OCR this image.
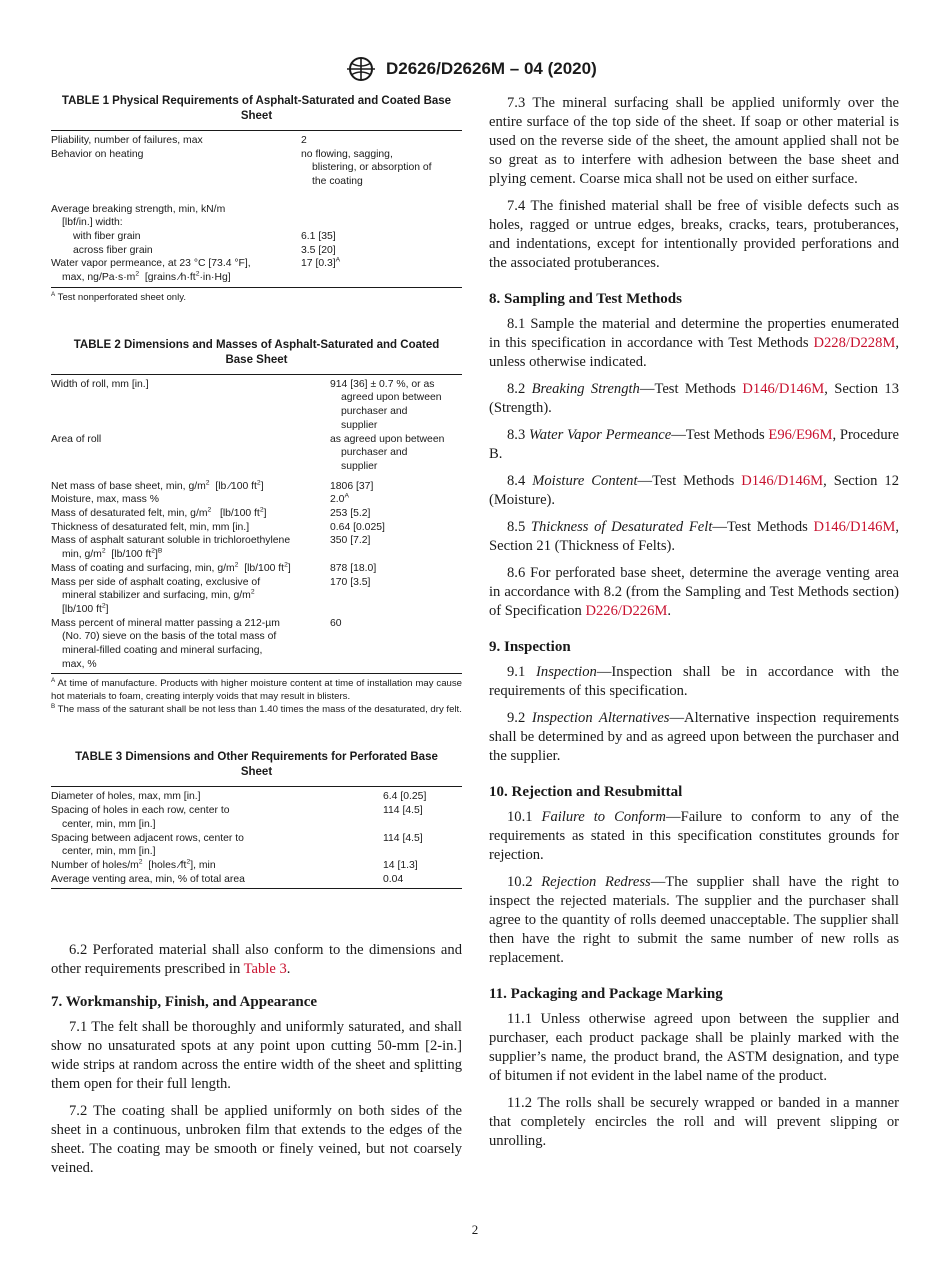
D2626/D2626M – 04 (2020)

TABLE 1 Physical Requirements of Asphalt-Saturated and Coated Base Sheet

Pliability, number of failures, max	2
Behavior on heating	no flowing, sagging,
blistering, or absorption of
the coating

Average breaking strength, min, kN/m
[lbf/in.] width:	

with fiber grain	6.1 [35]

across fiber grain	3.5 [20]

Water vapor permeance, at 23 °C [73.4 °F],
max, $ng/Pa\cdot s\cdot m^2$  [grains $⁄h\cdot ft^2\cdot in\cdot Hg$]	17 $[0.3]^A$

$^A$ Test nonperforated sheet only.

TABLE 2 Dimensions and Masses of Asphalt-Saturated and Coated Base Sheet

Width of roll, mm [in.]	914 [36] ± 0.7 %, or as
agreed upon between
purchaser and
supplier

Area of roll	as agreed upon between
purchaser and
supplier

Net mass of base sheet, min, $g/m^2$  [lb ⁄100 $ft^2$]	1806 [37]
Moisture, max, mass %	$2.0^A$
Mass of desaturated felt, min, $g/m^2$   [lb/100 $ft^2$]	253 [5.2]
Thickness of desaturated felt, min, mm [in.]	0.64 [0.025]

Mass of asphalt saturant soluble in trichloroethylene
min, $g/m^2$  [lb/100 $ft^2]^B$	350 [7.2]
Mass of coating and surfacing, min, $g/m^2$  [lb/100 $ft^2$]	878 [18.0]

Mass per side of asphalt coating, exclusive of
mineral stabilizer and surfacing, min, $g/m^2$
[lb/100 $ft^2$]	170 [3.5]

Mass percent of mineral matter passing a 212-µm
(No. 70) sieve on the basis of the total mass of
mineral-filled coating and mineral surfacing,
max, %	60

$^A$ At time of manufacture. Products with higher moisture content at time of installation may cause hot materials to foam, creating interply voids that may result in blisters.

$^B$ The mass of the saturant shall be not less than 1.40 times the mass of the desaturated, dry felt.

TABLE 3 Dimensions and Other Requirements for Perforated Base Sheet

Diameter of holes, max, mm [in.]	6.4 [0.25]

Spacing of holes in each row, center to
center, min, mm [in.]	114 [4.5]

Spacing between adjacent rows, center to
center, min, mm [in.]	114 [4.5]
Number of holes/$m^2$  [holes $⁄ft^2$], min	14 [1.3]
Average venting area, min, % of total area	0.04

6.2 Perforated material shall also conform to the dimensions and other requirements prescribed in Table 3.

7. Workmanship, Finish, and Appearance

7.1 The felt shall be thoroughly and uniformly saturated, and shall show no unsaturated spots at any point upon cutting 50-mm [2-in.] wide strips at random across the entire width of the sheet and splitting them open for their full length.

7.2 The coating shall be applied uniformly on both sides of the sheet in a continuous, unbroken film that extends to the edges of the sheet. The coating may be smooth or finely veined, but not coarsely veined.

7.3 The mineral surfacing shall be applied uniformly over the entire surface of the top side of the sheet. If soap or other material is used on the reverse side of the sheet, the amount applied shall not be so great as to interfere with adhesion between the base sheet and plying cement. Coarse mica shall not be used on either surface.

7.4 The finished material shall be free of visible defects such as holes, ragged or untrue edges, breaks, cracks, tears, protuberances, and indentations, except for intentionally provided perforations and the associated protuberances.

8. Sampling and Test Methods

8.1 Sample the material and determine the properties enumerated in this specification in accordance with Test Methods D228/D228M, unless otherwise indicated.

8.2 Breaking Strength—Test Methods D146/D146M, Section 13 (Strength).

8.3 Water Vapor Permeance—Test Methods E96/E96M, Procedure B.

8.4 Moisture Content—Test Methods D146/D146M, Section 12 (Moisture).

8.5 Thickness of Desaturated Felt—Test Methods D146/D146M, Section 21 (Thickness of Felts).

8.6 For perforated base sheet, determine the average venting area in accordance with 8.2 (from the Sampling and Test Methods section) of Specification D226/D226M.

9. Inspection

9.1 Inspection—Inspection shall be in accordance with the requirements of this specification.

9.2 Inspection Alternatives—Alternative inspection requirements shall be determined by and as agreed upon between the purchaser and the supplier.

10. Rejection and Resubmittal

10.1 Failure to Conform—Failure to conform to any of the requirements as stated in this specification constitutes grounds for rejection.

10.2 Rejection Redress—The supplier shall have the right to inspect the rejected materials. The supplier and the purchaser shall agree to the quantity of rolls deemed unacceptable. The supplier shall then have the right to submit the same number of new rolls as replacement.

11. Packaging and Package Marking

11.1 Unless otherwise agreed upon between the supplier and purchaser, each product package shall be plainly marked with the supplier’s name, the product brand, the ASTM designation, and type of bitumen if not evident in the label name of the product.

11.2 The rolls shall be securely wrapped or banded in a manner that completely encircles the roll and will prevent slipping or unrolling.

2
